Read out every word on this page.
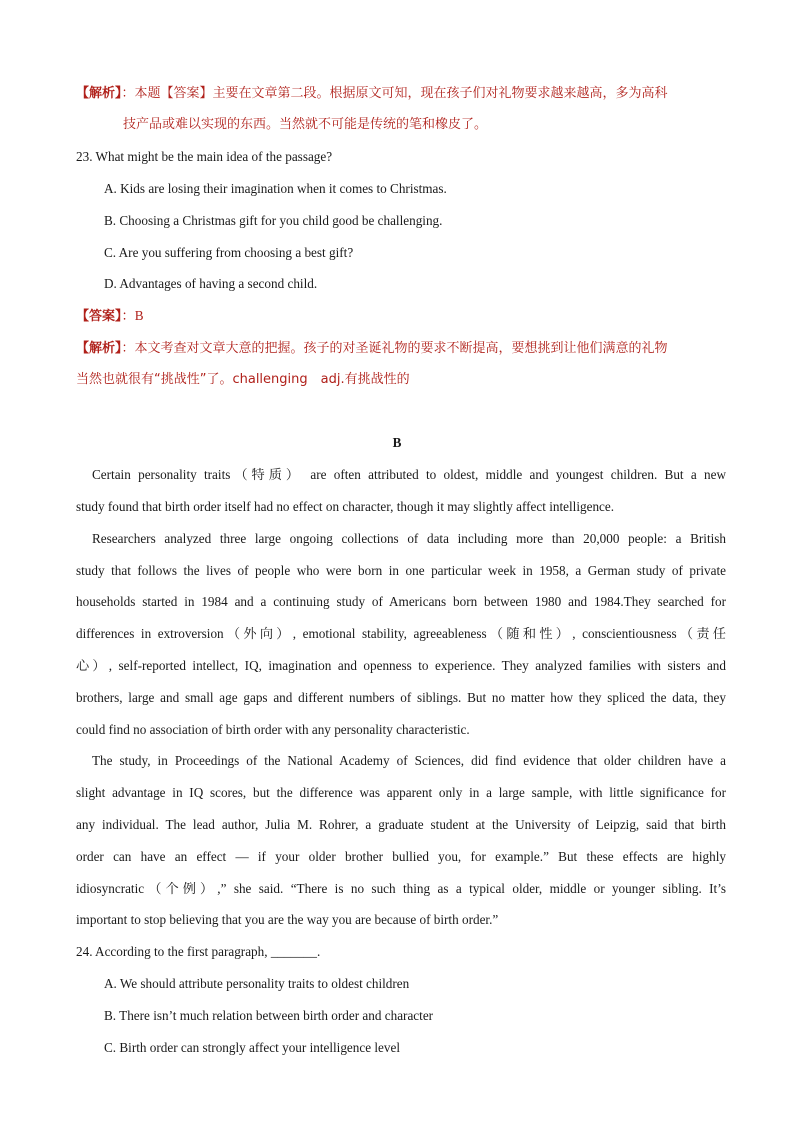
【解析】：本题【答案】主要在文章第二段。根据原文可知，现在孩子们对礼物要求越来越高，多为高科
技产品或难以实现的东西。当然就不可能是传统的笔和橡皮了。
23. What might be the main idea of the passage?
A. Kids are losing their imagination when it comes to Christmas.
B. Choosing a Christmas gift for you child good be challenging.
C. Are you suffering from choosing a best gift?
D. Advantages of having a second child.
【答案】：B
【解析】：本文考查对文章大意的把握。孩子的对圣诞礼物的要求不断提高，要想挑到让他们满意的礼物
当然也就很有“挑战性”了。challenging　adj.有挑战性的
B
Certain personality traits（特质） are often attributed to oldest, middle and youngest children. But a new
study found that birth order itself had no effect on character, though it may slightly affect intelligence.
Researchers analyzed three large ongoing collections of data including more than 20,000 people: a British
study that follows the lives of people who were born in one particular week in 1958, a German study of private
households started in 1984 and a continuing study of Americans born between 1980 and 1984.They searched for
differences in extroversion（外向）, emotional stability, agreeableness（随和性）, conscientiousness（责任
心）, self-reported intellect, IQ, imagination and openness to experience. They analyzed families with sisters and
brothers, large and small age gaps and different numbers of siblings. But no matter how they spliced the data, they
could find no association of birth order with any personality characteristic.
The study, in Proceedings of the National Academy of Sciences, did find evidence that older children have a
slight advantage in IQ scores, but the difference was apparent only in a large sample, with little significance for
any individual. The lead author, Julia M. Rohrer, a graduate student at the University of Leipzig, said that birth
order can have an effect — if your older brother bullied you, for example.” But these effects are highly
idiosyncratic（个例）,” she said. “There is no such thing as a typical older, middle or younger sibling. It’s
important to stop believing that you are the way you are because of birth order.”
24. According to the first paragraph, _______.
A. We should attribute personality traits to oldest children
B. There isn’t much relation between birth order and character
C. Birth order can strongly affect your intelligence level
